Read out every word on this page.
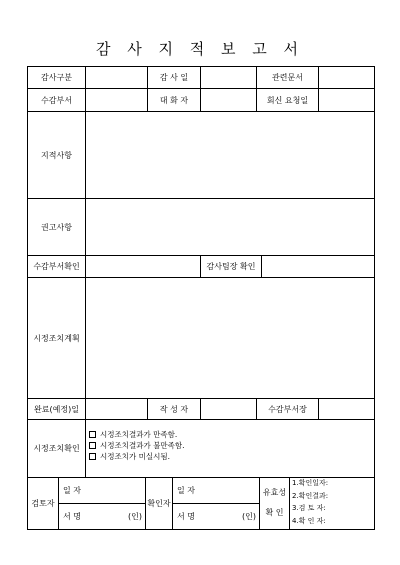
감 사 지 적 보 고 서
감사구분	감 사 일	관련문서
수감부서	대 화 자	회신 요청일
지적사항
권고사항
수감부서확인	감사팀장 확인
시정조치계획
완료(예정)일	작 성 자	수감부서장
시정조치확인
시정조치결과가 만족함.
시정조치결과가 불만족함.
시정조치가 미실시됨.
검토자
일 자
서 명	(인)
확인자
일 자
서 명	(인)
유효성
확 인
1.확인일자:
2.확인결과:
3.검 토 자:
4.확 인 자:
